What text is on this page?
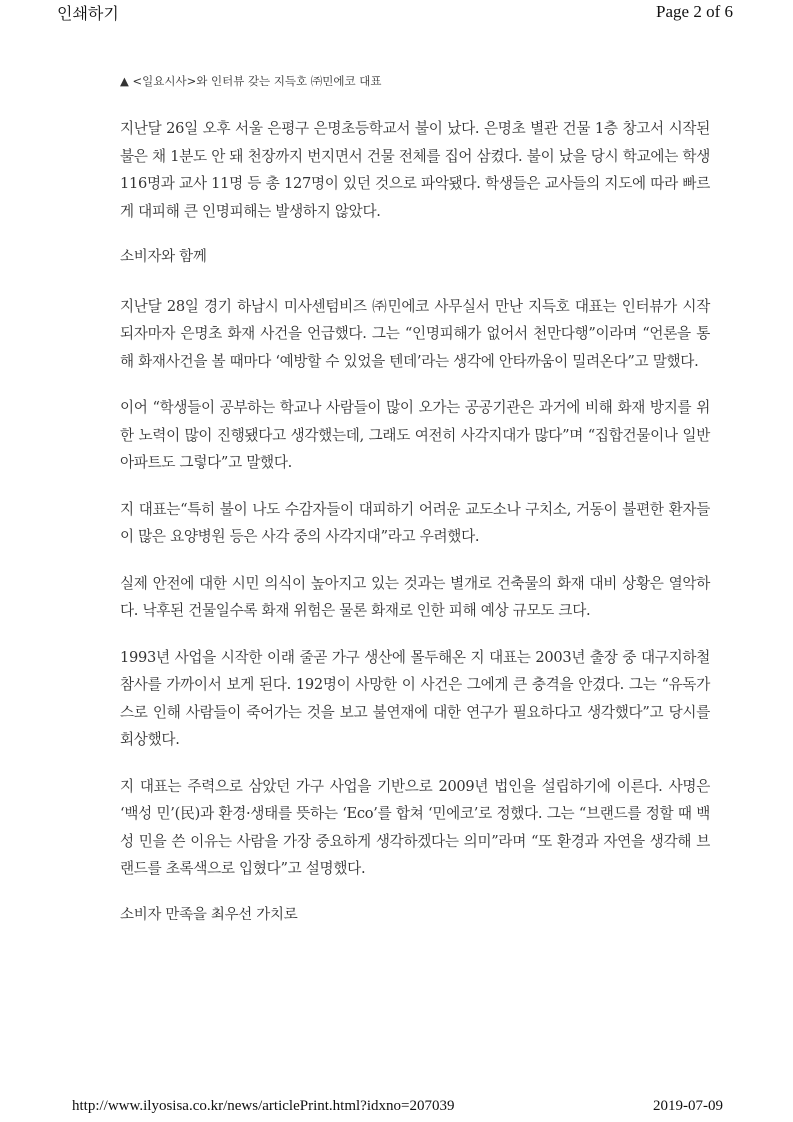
인쇄하기	Page 2 of 6
▲ <일요시사>와 인터뷰 갖는 지득호 ㈜민에코 대표

지난달 26일 오후 서울 은평구 은명초등학교서 불이 났다. 은명초 별관 건물 1층 창고서 시작된 불은 채 1분도 안 돼 천장까지 번지면서 건물 전체를 집어 삼켰다. 불이 났을 당시 학교에는 학생 116명과 교사 11명 등 총 127명이 있던 것으로 파악됐다. 학생들은 교사들의 지도에 따라 빠르게 대피해 큰 인명피해는 발생하지 않았다.

소비자와 함께

지난달 28일 경기 하남시 미사센텀비즈 ㈜민에코 사무실서 만난 지득호 대표는 인터뷰가 시작되자마자 은명초 화재 사건을 언급했다. 그는 “인명피해가 없어서 천만다행”이라며 “언론을 통해 화재사건을 볼 때마다 ‘예방할 수 있었을 텐데’라는 생각에 안타까움이 밀려온다”고 말했다.

이어 “학생들이 공부하는 학교나 사람들이 많이 오가는 공공기관은 과거에 비해 화재 방지를 위한 노력이 많이 진행됐다고 생각했는데, 그래도 여전히 사각지대가 많다”며 “집합건물이나 일반 아파트도 그렇다”고 말했다.

지 대표는“특히 불이 나도 수감자들이 대피하기 어려운 교도소나 구치소, 거동이 불편한 환자들이 많은 요양병원 등은 사각 중의 사각지대”라고 우려했다.

실제 안전에 대한 시민 의식이 높아지고 있는 것과는 별개로 건축물의 화재 대비 상황은 열악하다. 낙후된 건물일수록 화재 위험은 물론 화재로 인한 피해 예상 규모도 크다.

1993년 사업을 시작한 이래 줄곧 가구 생산에 몰두해온 지 대표는 2003년 출장 중 대구지하철참사를 가까이서 보게 된다. 192명이 사망한 이 사건은 그에게 큰 충격을 안겼다. 그는 “유독가스로 인해 사람들이 죽어가는 것을 보고 불연재에 대한 연구가 필요하다고 생각했다”고 당시를 회상했다.

지 대표는 주력으로 삼았던 가구 사업을 기반으로 2009년 법인을 설립하기에 이른다. 사명은 ‘백성 민’(民)과 환경·생태를 뜻하는 ‘Eco’를 합쳐 ‘민에코’로 정했다. 그는 “브랜드를 정할 때 백성 민을 쓴 이유는 사람을 가장 중요하게 생각하겠다는 의미”라며 “또 환경과 자연을 생각해 브랜드를 초록색으로 입혔다”고 설명했다.

소비자 만족을 최우선 가치로

http://www.ilyosisa.co.kr/news/articlePrint.html?idxno=207039	2019-07-09
